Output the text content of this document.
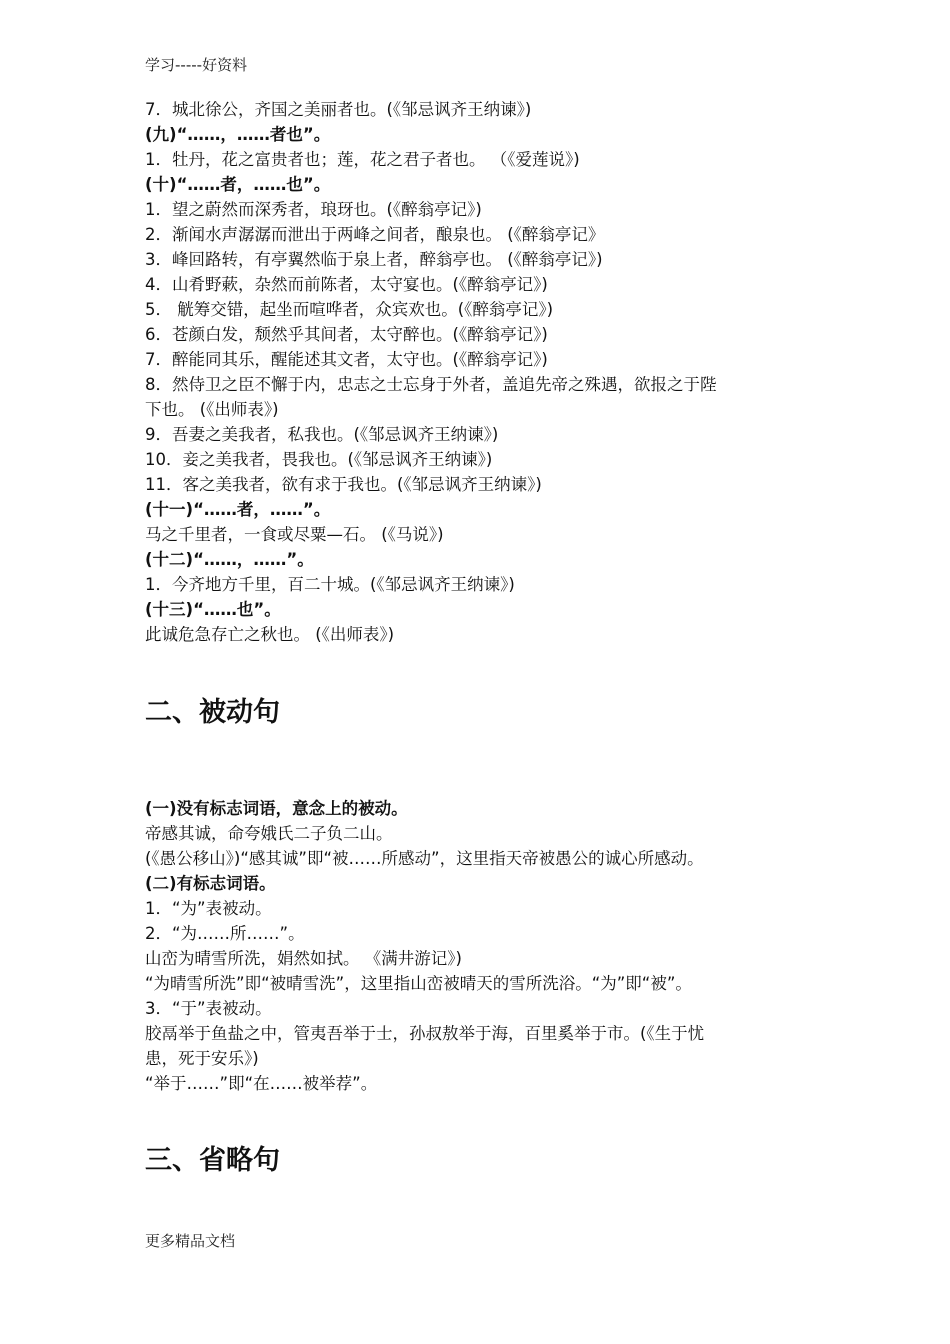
学习-----好资料
7．城北徐公，齐国之美丽者也。(《邹忌讽齐王纳谏》)
(九)“……，……者也”。
1．牡丹，花之富贵者也；莲，花之君子者也。 （《爱莲说》)
(十)“……者，……也”。
1．望之蔚然而深秀者，琅玡也。(《醉翁亭记》)
2．渐闻水声潺潺而泄出于两峰之间者，酿泉也。 (《醉翁亭记》
3．峰回路转，有亭翼然临于泉上者，醉翁亭也。 (《醉翁亭记》)
4．山肴野蔌，杂然而前陈者，太守宴也。(《醉翁亭记》)
5． 觥筹交错，起坐而喧哗者，众宾欢也。(《醉翁亭记》)
6．苍颜白发，颓然乎其间者，太守醉也。(《醉翁亭记》)
7．醉能同其乐，醒能述其文者，太守也。(《醉翁亭记》)
8．然侍卫之臣不懈于内，忠志之士忘身于外者，盖追先帝之殊遇，欲报之于陛
下也。 (《出师表》)
9．吾妻之美我者，私我也。(《邹忌讽齐王纳谏》)
10．妾之美我者，畏我也。(《邹忌讽齐王纳谏》)
11．客之美我者，欲有求于我也。(《邹忌讽齐王纳谏》)
(十一)“……者，……”。
马之千里者，一食或尽粟—石。 (《马说》)
(十二)“……，……”。
1．今齐地方千里，百二十城。(《邹忌讽齐王纳谏》)
(十三)“……也”。
此诚危急存亡之秋也。 (《出师表》)
二、被动句
(一)没有标志词语，意念上的被动。
帝感其诚，命夸娥氏二子负二山。
(《愚公移山》)“感其诚”即“被……所感动”，这里指天帝被愚公的诚心所感动。
(二)有标志词语。
1．“为”表被动。
2．“为……所……”。
山峦为晴雪所洗，娟然如拭。 《满井游记》)
“为晴雪所洗”即“被晴雪洗”，这里指山峦被晴天的雪所洗浴。“为”即“被”。
3．“于”表被动。
胶鬲举于鱼盐之中，管夷吾举于士，孙叔敖举于海，百里奚举于市。(《生于忧
患，死于安乐》)
“举于……”即“在……被举荐”。
三、省略句
更多精品文档
